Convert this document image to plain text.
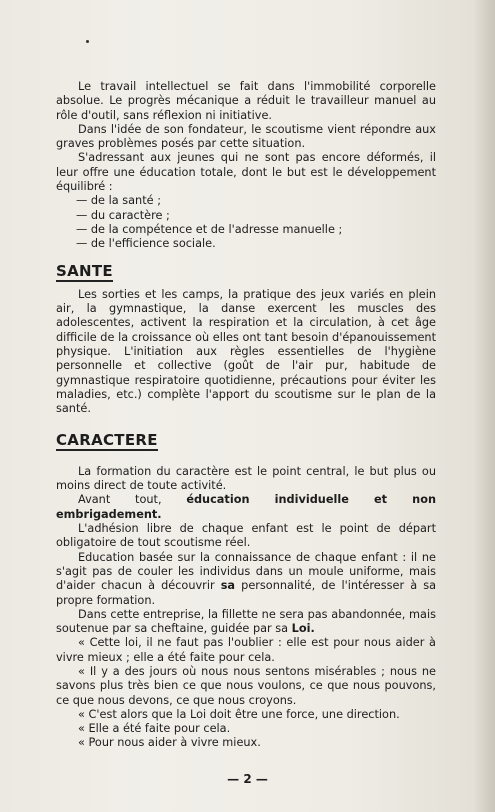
Le travail intellectuel se fait dans l'immobilité corporelle absolue. Le progrès mécanique a réduit le travailleur manuel au rôle d'outil, sans réflexion ni initiative.

Dans l'idée de son fondateur, le scoutisme vient répondre aux graves problèmes posés par cette situation.

S'adressant aux jeunes qui ne sont pas encore déformés, il leur offre une éducation totale, dont le but est le développement équilibré :

— de la santé ;

— du caractère ;

— de la compétence et de l'adresse manuelle ;

— de l'efficience sociale.

SANTE

Les sorties et les camps, la pratique des jeux variés en plein air, la gymnastique, la danse exercent les muscles des adolescentes, activent la respiration et la circulation, à cet âge difficile de la croissance où elles ont tant besoin d'épanouissement physique. L'initiation aux règles essentielles de l'hygiène personnelle et collective (goût de l'air pur, habitude de gymnastique respiratoire quotidienne, précautions pour éviter les maladies, etc.) complète l'apport du scoutisme sur le plan de la santé.

CARACTERE

La formation du caractère est le point central, le but plus ou moins direct de toute activité.

Avant tout, éducation individuelle et non embrigadement.

L'adhésion libre de chaque enfant est le point de départ obligatoire de tout scoutisme réel.

Education basée sur la connaissance de chaque enfant : il ne s'agit pas de couler les individus dans un moule uniforme, mais d'aider chacun à découvrir sa personnalité, de l'intéresser à sa propre formation.

Dans cette entreprise, la fillette ne sera pas abandonnée, mais soutenue par sa cheftaine, guidée par sa Loi.

« Cette loi, il ne faut pas l'oublier : elle est pour nous aider à vivre mieux ; elle a été faite pour cela.

« Il y a des jours où nous nous sentons misérables ; nous ne savons plus très bien ce que nous voulons, ce que nous pouvons, ce que nous devons, ce que nous croyons.

« C'est alors que la Loi doit être une force, une direction.

« Elle a été faite pour cela.

« Pour nous aider à vivre mieux.

— 2 —
